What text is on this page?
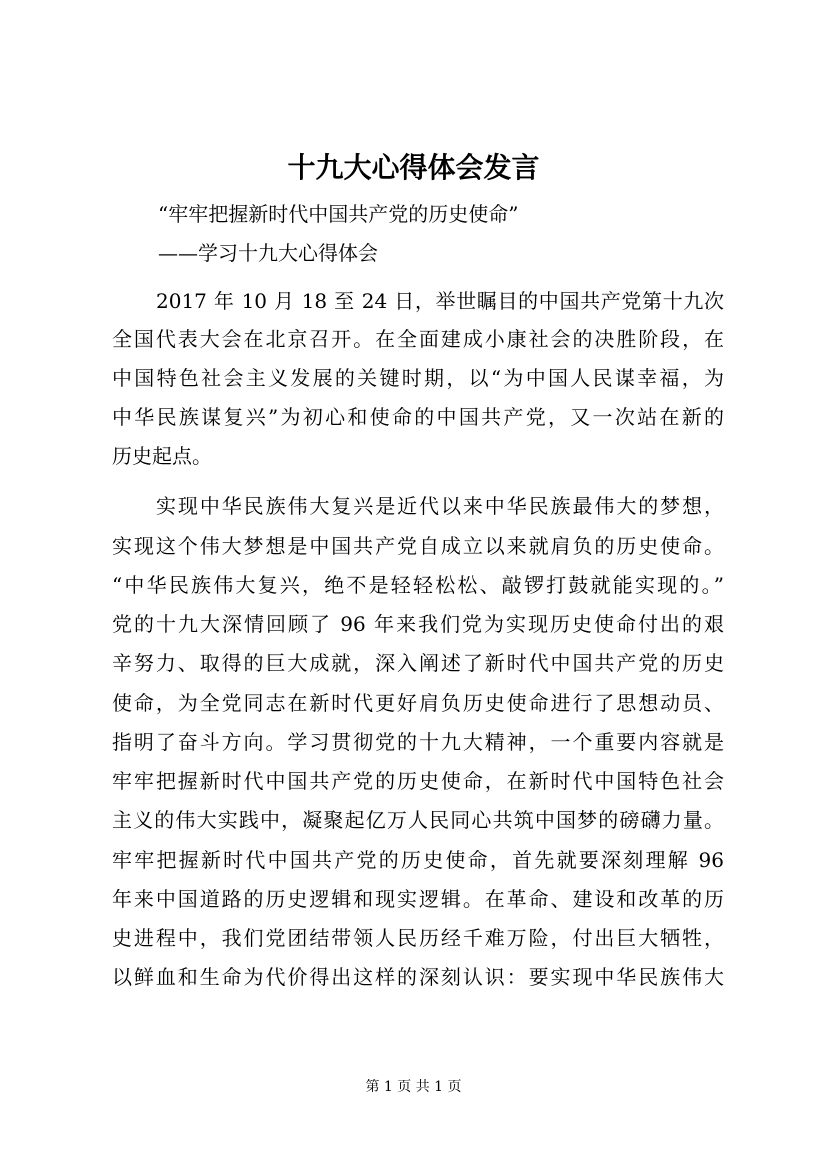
十九大心得体会发言
“牢牢把握新时代中国共产党的历史使命”
——学习十九大心得体会
2017 年 10 月 18 至 24 日，举世瞩目的中国共产党第十九次
全国代表大会在北京召开。在全面建成小康社会的决胜阶段，在
中国特色社会主义发展的关键时期，以“为中国人民谋幸福，为
中华民族谋复兴”为初心和使命的中国共产党，又一次站在新的
历史起点。
实现中华民族伟大复兴是近代以来中华民族最伟大的梦想，
实现这个伟大梦想是中国共产党自成立以来就肩负的历史使命。
“中华民族伟大复兴，绝不是轻轻松松、敲锣打鼓就能实现的。”
党的十九大深情回顾了 96 年来我们党为实现历史使命付出的艰
辛努力、取得的巨大成就，深入阐述了新时代中国共产党的历史
使命，为全党同志在新时代更好肩负历史使命进行了思想动员、
指明了奋斗方向。学习贯彻党的十九大精神，一个重要内容就是
牢牢把握新时代中国共产党的历史使命，在新时代中国特色社会
主义的伟大实践中，凝聚起亿万人民同心共筑中国梦的磅礴力量。
牢牢把握新时代中国共产党的历史使命，首先就要深刻理解 96
年来中国道路的历史逻辑和现实逻辑。在革命、建设和改革的历
史进程中，我们党团结带领人民历经千难万险，付出巨大牺牲，
以鲜血和生命为代价得出这样的深刻认识：要实现中华民族伟大
第 1 页 共 1 页
